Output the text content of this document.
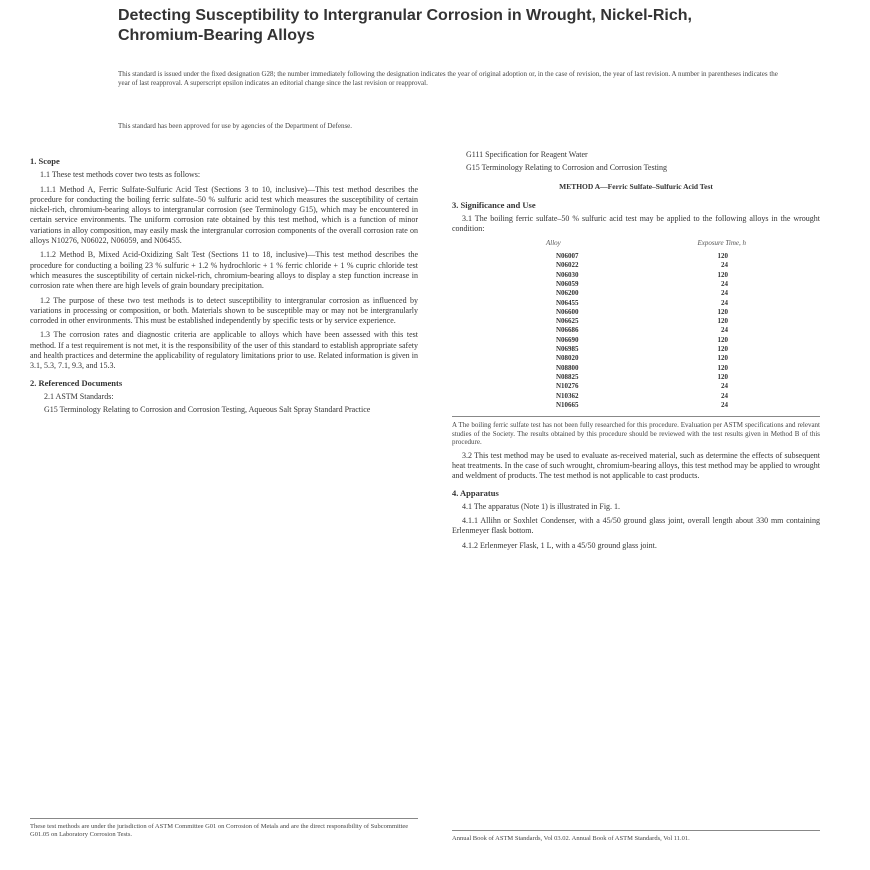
Detecting Susceptibility to Intergranular Corrosion in Wrought, Nickel-Rich, Chromium-Bearing Alloys
This standard is issued under the fixed designation G28; the number immediately following the designation indicates the year of original adoption or, in the case of revision, the year of last revision. A number in parentheses indicates the year of last reapproval. A superscript epsilon indicates an editorial change since the last revision or reapproval.
This standard has been approved for use by agencies of the Department of Defense.
1. Scope

1.1 These test methods cover two tests as follows:

1.1.1 Method A, Ferric Sulfate-Sulfuric Acid Test (Sections 3 to 10, inclusive)—This test method describes the procedure for conducting the boiling ferric sulfate–50 % sulfuric acid test which measures the susceptibility of certain nickel-rich, chromium-bearing alloys to intergranular corrosion (see Terminology G15), which may be encountered in certain service environments. The uniform corrosion rate obtained by this test method, which is a function of minor variations in alloy composition, may easily mask the intergranular corrosion components of the overall corrosion rate on alloys N10276, N06022, N06059, and N06455.

1.1.2 Method B, Mixed Acid-Oxidizing Salt Test (Sections 11 to 18, inclusive)—This test method describes the procedure for conducting a boiling 23 % sulfuric + 1.2 % hydrochloric + 1 % ferric chloride + 1 % cupric chloride test which measures the susceptibility of certain nickel-rich, chromium-bearing alloys to display a step function increase in corrosion rate when there are high levels of grain boundary precipitation.

1.2 The purpose of these two test methods is to detect susceptibility to intergranular corrosion as influenced by variations in processing or composition, or both. Materials shown to be susceptible may or may not be intergranularly corroded in other environments. This must be established independently by specific tests or by service experience.

1.3 The corrosion rates and diagnostic criteria are applicable to alloys which have been assessed with this test method. If a test requirement is not met, it is the responsibility of the user of this standard to establish appropriate safety and health practices and determine the applicability of regulatory limitations prior to use. Related information is given in 3.1, 5.3, 7.1, 9.3, and 15.3.

2. Referenced Documents
2.1 ASTM Standards:
G15 Terminology Relating to Corrosion and Corrosion Testing, Aqueous Salt Spray Standard Practice
G111 Specification for Reagent Water
G15 Terminology Relating to Corrosion and Corrosion Testing
METHOD A—Ferric Sulfate–Sulfuric Acid Test
3. Significance and Use

3.1 The boiling ferric sulfate–50 % sulfuric acid test may be applied to the following alloys in the wrought condition:

Alloy	Exposure Time, h
N06007	120
N06022	24
N06030	120
N06059	24
N06200	24
N06455	24
N06600	120
N06625	120
N06686	24
N06690	120
N06985	120
N08020	120
N08800	120
N08825	120
N10276	24
N10362	24
N10665	24
A The boiling ferric sulfate test has not been fully researched for this procedure. Evaluation per ASTM specifications and relevant studies of the Society. The results obtained by this procedure should be reviewed with the test results given in Method B of this procedure.

3.2 This test method may be used to evaluate as-received material, such as determine the effects of subsequent heat treatments. In the case of such wrought, chromium-bearing alloys, this test method may be applied to wrought and weldment of products. The test method is not applicable to cast products.

4. Apparatus

4.1 The apparatus (Note 1) is illustrated in Fig. 1.

4.1.1 Allihn or Soxhlet Condenser, with a 45/50 ground glass joint, overall length about 330 mm containing Erlenmeyer flask bottom.

4.1.2 Erlenmeyer Flask, 1 L, with a 45/50 ground glass joint.

These test methods are under the jurisdiction of ASTM Committee G01 on Corrosion of Metals and are the direct responsibility of Subcommittee G01.05 on Laboratory Corrosion Tests.
Annual Book of ASTM Standards, Vol 03.02. Annual Book of ASTM Standards, Vol 11.01.
